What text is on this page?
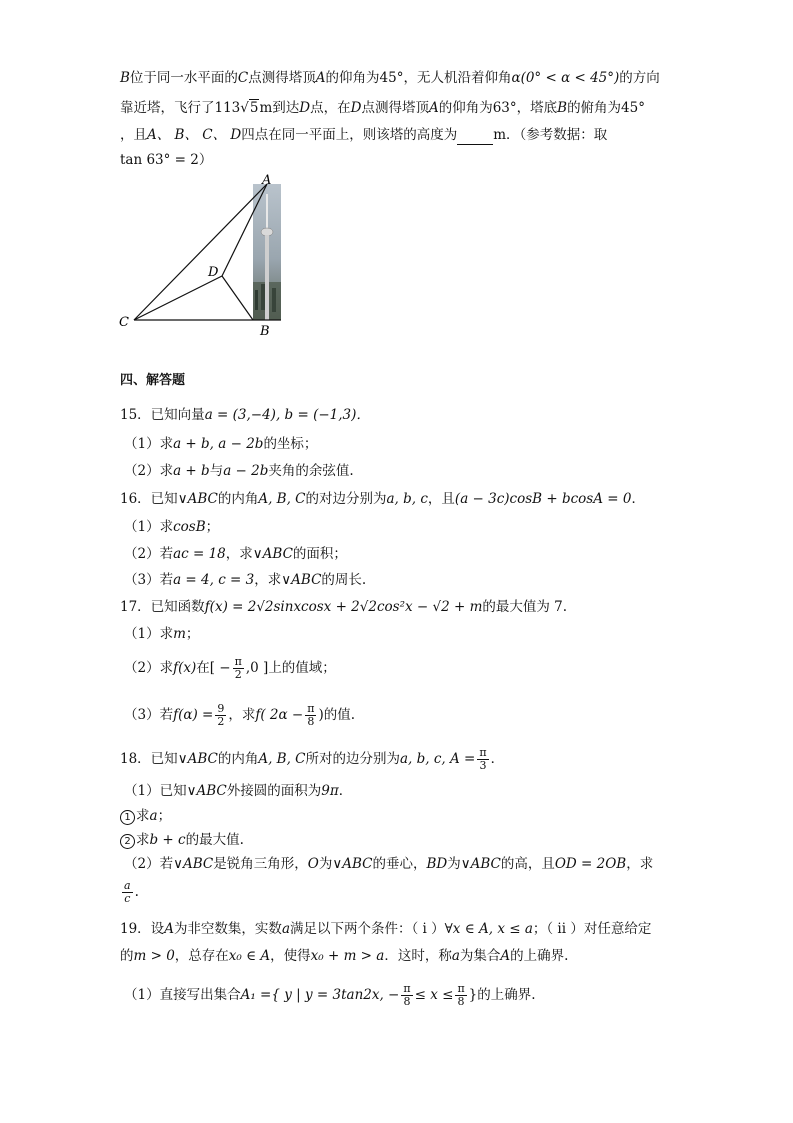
B位于同一水平面的C点测得塔顶A的仰角为45°，无人机沿着仰角α(0° < α < 45°)的方向
靠近塔，飞行了113√5m到达D点，在D点测得塔顶A的仰角为63°，塔底B的俯角为45°
，且A、 B、 C、 D四点在同一平面上，则该塔的高度为	m．（参考数据：取
tan 63° = 2）
A
B
C
D
四、解答题
15．已知向量a = (3,−4), b = (−1,3)．
（1）求a + b, a − 2b的坐标；
（2）求a + b与a − 2b夹角的余弦值.
16．已知∨ABC的内角A, B, C的对边分别为a, b, c，且(a − 3c)cosB + bcosA = 0．
（1）求cosB；
（2）若ac = 18，求∨ABC的面积；
（3）若a = 4, c = 3，求∨ABC的周长.
17．已知函数f(x) = 2√2sinxcosx + 2√2cos²x − √2 + m的最大值为 7.
（1）求m；
（2）求f(x)在[ − $\frac{\pi}{2} ,0$ ]上的值域；
（3）若$f(\alpha) = \frac{9}{2}$ ，求f( $2\alpha - \frac{\pi}{8}$ )的值.
18．已知∨ABC的内角A, B, C所对的边分别为a, b, c, $A = \frac{\pi}{3}$ ．
（1）已知∨ABC外接圆的面积为9π．
1 求a；
2 求b + c的最大值.
（2）若∨ABC是锐角三角形，O为∨ABC的垂心，BD为∨ABC的高，且OD = 2OB，求
$\frac{a}{c}$ .
19．设A为非空数集，实数a满足以下两个条件：（ i ）∀x ∈ A, x ≤ a；（ ii ）对任意给定
的m > 0，总存在x₀ ∈ A，使得x₀ + m > a．这时，称a为集合A的上确界.
（1）直接写出集合A₁ ={ y | y = 3tan2x, − $\frac{\pi}{8} \le x \le \frac{\pi}{8}$ }的上确界.
